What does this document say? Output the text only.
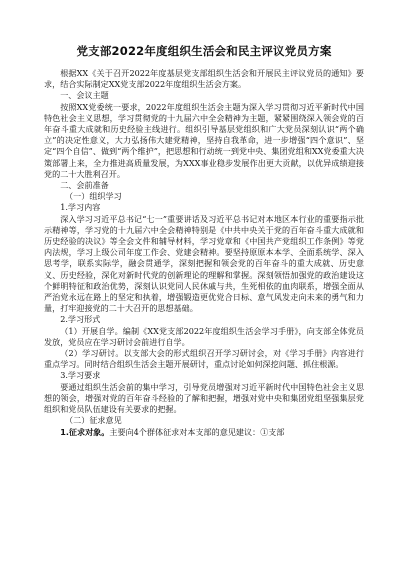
党支部2022年度组织生活会和民主评议党员方案

根据XX《关于召开2022年度基层党支部组织生活会和开展民主评议党员的通知》要求，结合实际制定XX党支部2022年度组织生活会方案。

一、会议主题

按照XX党委统一要求，2022年度组织生活会主题为深入学习贯彻习近平新时代中国特色社会主义思想，学习贯彻党的十九届六中全会精神为主题，紧紧围绕深入领会党的百年奋斗重大成就和历史经验主线进行。组织引导基层党组织和广大党员深刻认识“两个确立”的决定性意义，大力弘扬伟大建党精神，坚持自我革命，进一步增强“四个意识”、坚定“四个自信”、做到“两个维护”，把思想和行动统一到党中央、集团党组和XX党委重大决策部署上来，全力推进高质量发展，为XXX事业稳步发展作出更大贡献，以优异成绩迎接党的二十大胜利召开。

二、会前准备

（一）组织学习

1.学习内容

深入学习习近平总书记“七一”重要讲话及习近平总书记对本地区本行业的重要指示批示精神等，学习党的十九届六中全会精神特别是《中共中央关于党的百年奋斗重大成就和历史经验的决议》等全会文件和辅导材料，学习党章和《中国共产党组织工作条例》等党内法规，学习上级公司年度工作会、党建会精神。要坚持原原本本学、全面系统学、深入思考学，联系实际学，融会贯通学，深刻把握和领会党的百年奋斗的重大成就、历史意义、历史经验，深化对新时代党的创新理论的理解和掌握。深刻领悟加强党的政治建设这个鲜明特征和政治优势，深刻认识党同人民休戚与共，生死相依的血肉联系，增强全面从严治党永远在路上的坚定和执着，增强锻造更优党合日标、意气风发走向未来的勇气和力量，打牢迎接党的二十大召开的思想基础。

2.学习形式

（1）开展自学。编制《XX党支部2022年度组织生活会学习手册》，向支部全体党员发放，党员应在学习研讨会前进行自学。

（2）学习研讨。以支部大会的形式组织召开学习研讨会，对《学习手册》内容进行重点学习。同时结合组织生活会主题开展研讨，重点讨论如何深挖问题、抓住根源。

3.学习要求

要通过组织生活会前的集中学习，引导党员增强对习近平新时代中国特色社会主义思想的领会，增强对党的百年奋斗经验的了解和把握，增强对党中央和集团党组坚强集层党组织和党员队伍建设有关要求的把握。

（二）征求意见

1.征求对象。主要向4个群体征求对本支部的意见建议：①支部
